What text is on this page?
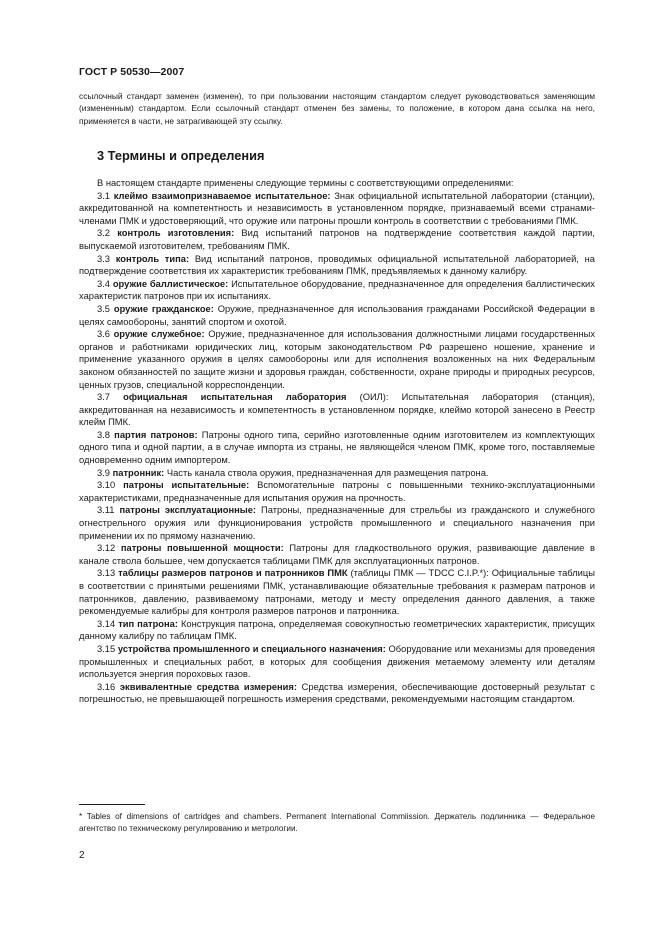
ГОСТ Р 50530—2007
ссылочный стандарт заменен (изменен), то при пользовании настоящим стандартом следует руководствоваться заменяющим (измененным) стандартом. Если ссылочный стандарт отменен без замены, то положение, в котором дана ссылка на него, применяется в части, не затрагивающей эту ссылку.
3 Термины и определения

В настоящем стандарте применены следующие термины с соответствующими определениями:

3.1 клеймо взаимопризнаваемое испытательное: Знак официальной испытательной лаборатории (станции), аккредитованной на компетентность и независимость в установленном порядке, признаваемый всеми странами-членами ПМК и удостоверяющий, что оружие или патроны прошли контроль в соответствии с требованиями ПМК.

3.2 контроль изготовления: Вид испытаний патронов на подтверждение соответствия каждой партии, выпускаемой изготовителем, требованиям ПМК.

3.3 контроль типа: Вид испытаний патронов, проводимых официальной испытательной лабораторией, на подтверждение соответствия их характеристик требованиям ПМК, предъявляемых к данному калибру.

3.4 оружие баллистическое: Испытательное оборудование, предназначенное для определения баллистических характеристик патронов при их испытаниях.

3.5 оружие гражданское: Оружие, предназначенное для использования гражданами Российской Федерации в целях самообороны, занятий спортом и охотой.

3.6 оружие служебное: Оружие, предназначенное для использования должностными лицами государственных органов и работниками юридических лиц, которым законодательством РФ разрешено ношение, хранение и применение указанного оружия в целях самообороны или для исполнения возложенных на них Федеральным законом обязанностей по защите жизни и здоровья граждан, собственности, охране природы и природных ресурсов, ценных грузов, специальной корреспонденции.

3.7 официальная испытательная лаборатория (ОИЛ): Испытательная лаборатория (станция), аккредитованная на независимость и компетентность в установленном порядке, клеймо которой занесено в Реестр клейм ПМК.

3.8 партия патронов: Патроны одного типа, серийно изготовленные одним изготовителем из комплектующих одного типа и одной партии, а в случае импорта из страны, не являющейся членом ПМК, кроме того, поставляемые одновременно одним импортером.

3.9 патронник: Часть канала ствола оружия, предназначенная для размещения патрона.

3.10 патроны испытательные: Вспомогательные патроны с повышенными технико-эксплуатационными характеристиками, предназначенные для испытания оружия на прочность.

3.11 патроны эксплуатационные: Патроны, предназначенные для стрельбы из гражданского и служебного огнестрельного оружия или функционирования устройств промышленного и специального назначения при применении их по прямому назначению.

3.12 патроны повышенной мощности: Патроны для гладкоствольного оружия, развивающие давление в канале ствола большее, чем допускается таблицами ПМК для эксплуатационных патронов.

3.13 таблицы размеров патронов и патронников ПМК (таблицы ПМК — TDCC C.I.P.*): Официальные таблицы в соответствии с принятыми решениями ПМК, устанавливающие обязательные требования к размерам патронов и патронников, давлению, развиваемому патронами, методу и месту определения данного давления, а также рекомендуемые калибры для контроля размеров патронов и патронника.

3.14 тип патрона: Конструкция патрона, определяемая совокупностью геометрических характеристик, присущих данному калибру по таблицам ПМК.

3.15 устройства промышленного и специального назначения: Оборудование или механизмы для проведения промышленных и специальных работ, в которых для сообщения движения метаемому элементу или деталям используется энергия пороховых газов.

3.16 эквивалентные средства измерения: Средства измерения, обеспечивающие достоверный результат с погрешностью, не превышающей погрешность измерения средствами, рекомендуемыми настоящим стандартом.

* Tables of dimensions of cartridges and chambers. Permanent International Commiission. Держатель подлинника — Федеральное агентство по техническому регулированию и метрологии.
2
